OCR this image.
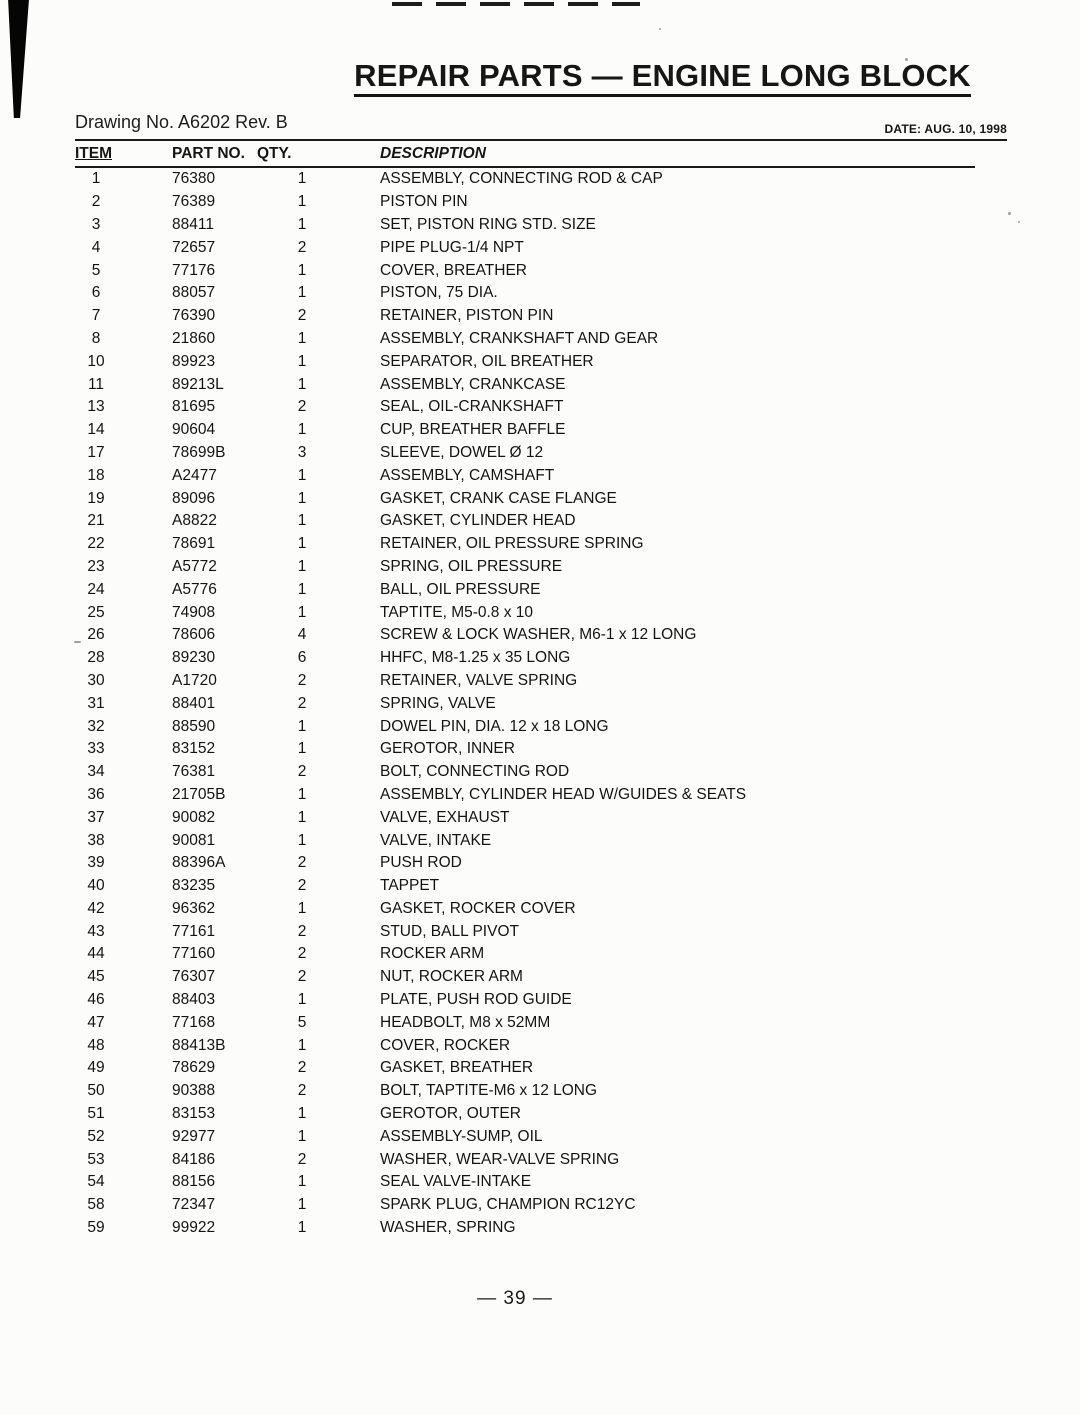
REPAIR PARTS — ENGINE LONG BLOCK
DATE: AUG. 10, 1998
Drawing No. A6202 Rev. B
ITEM	PART NO.	QTY.	DESCRIPTION
1	76380	1	ASSEMBLY, CONNECTING ROD & CAP
2	76389	1	PISTON PIN
3	88411	1	SET, PISTON RING STD. SIZE
4	72657	2	PIPE PLUG-1/4 NPT
5	77176	1	COVER, BREATHER
6	88057	1	PISTON, 75 DIA.
7	76390	2	RETAINER, PISTON PIN
8	21860	1	ASSEMBLY, CRANKSHAFT AND GEAR
10	89923	1	SEPARATOR, OIL BREATHER
11	89213L	1	ASSEMBLY, CRANKCASE
13	81695	2	SEAL, OIL-CRANKSHAFT
14	90604	1	CUP, BREATHER BAFFLE
17	78699B	3	SLEEVE, DOWEL Ø 12
18	A2477	1	ASSEMBLY, CAMSHAFT
19	89096	1	GASKET, CRANK CASE FLANGE
21	A8822	1	GASKET, CYLINDER HEAD
22	78691	1	RETAINER, OIL PRESSURE SPRING
23	A5772	1	SPRING, OIL PRESSURE
24	A5776	1	BALL, OIL PRESSURE
25	74908	1	TAPTITE, M5-0.8 x 10
26	78606	4	SCREW & LOCK WASHER, M6-1 x 12 LONG
28	89230	6	HHFC, M8-1.25 x 35 LONG
30	A1720	2	RETAINER, VALVE SPRING
31	88401	2	SPRING, VALVE
32	88590	1	DOWEL PIN, DIA. 12 x 18 LONG
33	83152	1	GEROTOR, INNER
34	76381	2	BOLT, CONNECTING ROD
36	21705B	1	ASSEMBLY, CYLINDER HEAD W/GUIDES & SEATS
37	90082	1	VALVE, EXHAUST
38	90081	1	VALVE, INTAKE
39	88396A	2	PUSH ROD
40	83235	2	TAPPET
42	96362	1	GASKET, ROCKER COVER
43	77161	2	STUD, BALL PIVOT
44	77160	2	ROCKER ARM
45	76307	2	NUT, ROCKER ARM
46	88403	1	PLATE, PUSH ROD GUIDE
47	77168	5	HEADBOLT, M8 x 52MM
48	88413B	1	COVER, ROCKER
49	78629	2	GASKET, BREATHER
50	90388	2	BOLT, TAPTITE-M6 x 12 LONG
51	83153	1	GEROTOR, OUTER
52	92977	1	ASSEMBLY-SUMP, OIL
53	84186	2	WASHER, WEAR-VALVE SPRING
54	88156	1	SEAL VALVE-INTAKE
58	72347	1	SPARK PLUG, CHAMPION RC12YC
59	99922	1	WASHER, SPRING
— 39 —
